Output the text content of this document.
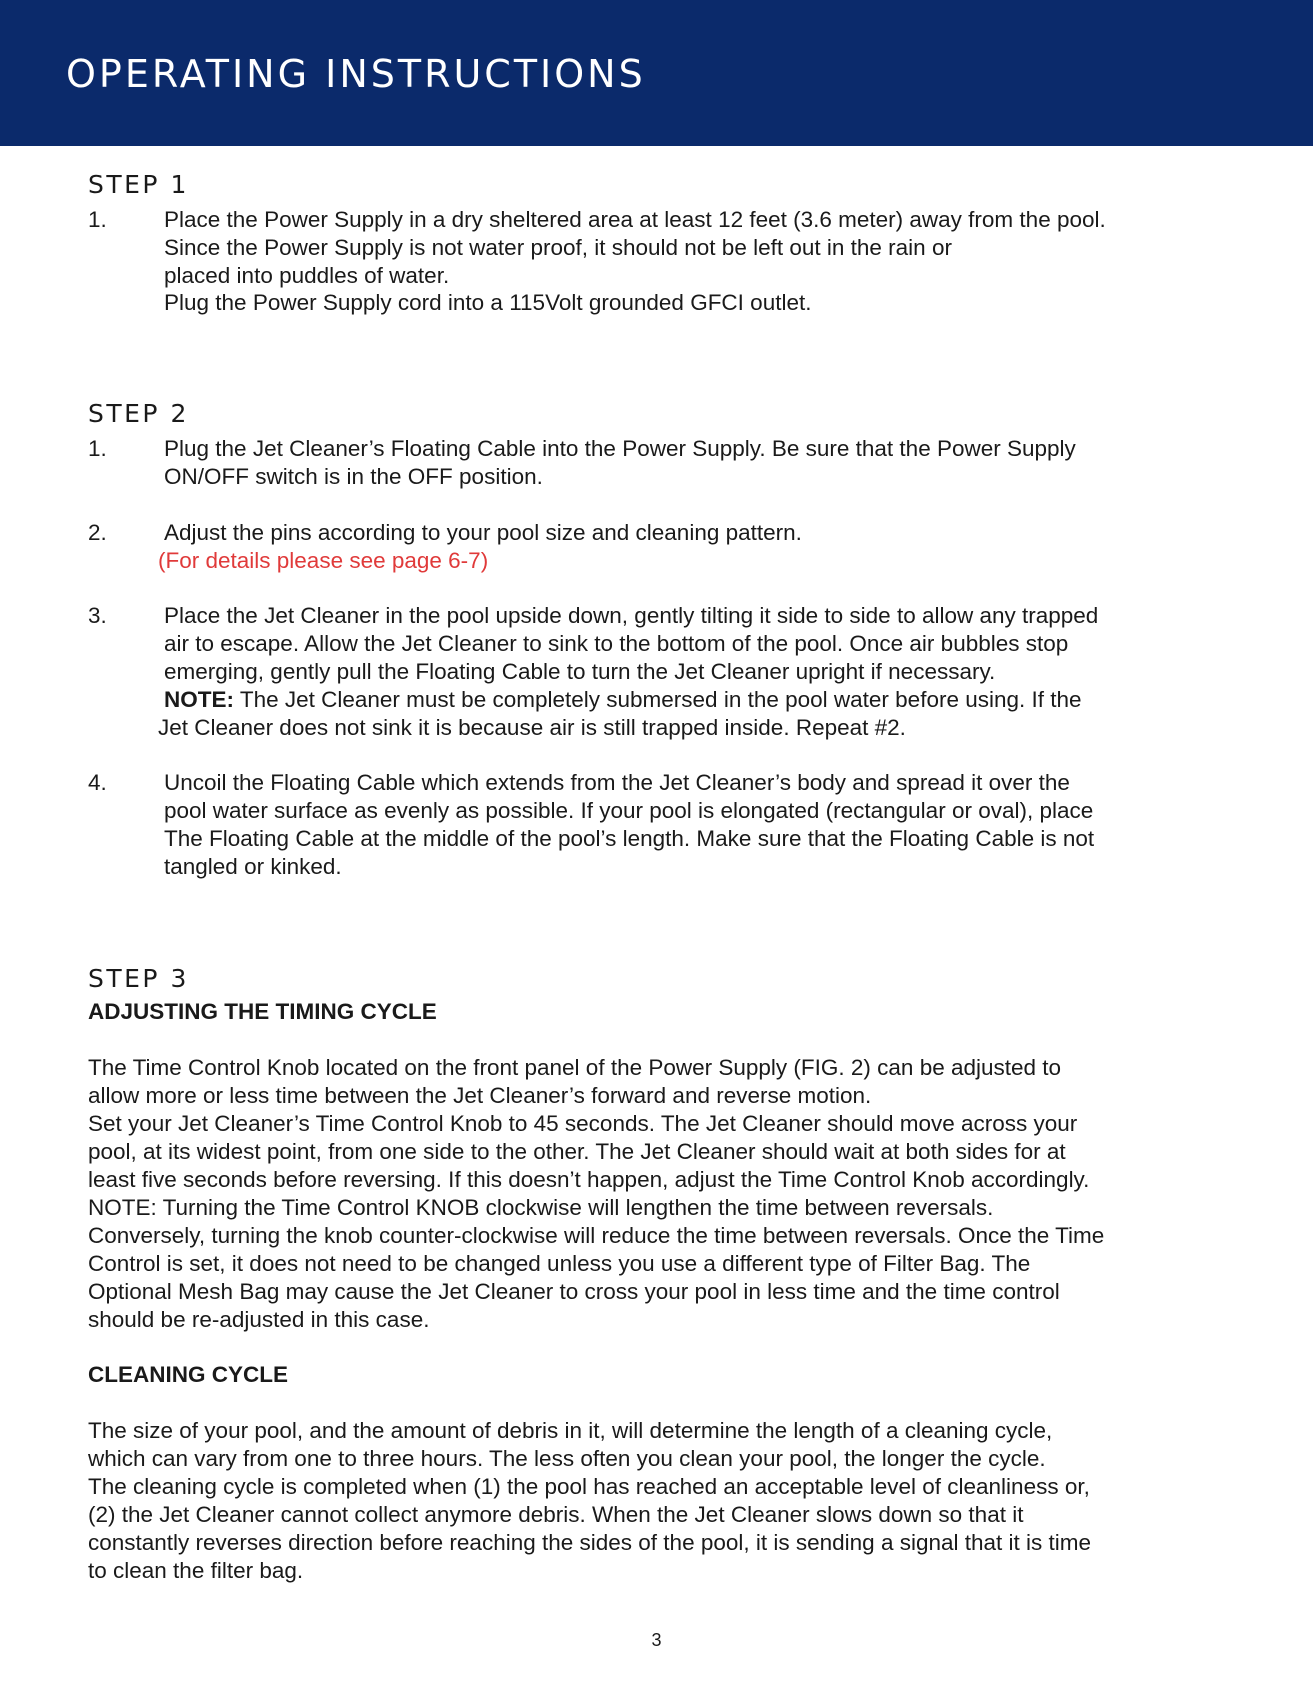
OPERATING INSTRUCTIONS
STEP 1
1.	Place the Power Supply in a dry sheltered area at least 12 feet (3.6 meter) away from the pool.
Since the Power Supply is not water proof, it should not be left out in the rain or
placed into puddles of water.
Plug the Power Supply cord into a 115Volt grounded GFCI outlet.
STEP 2
1.	Plug the Jet Cleaner’s Floating Cable into the Power Supply. Be sure that the Power Supply
ON/OFF switch is in the OFF position.
2.	Adjust the pins according to your pool size and cleaning pattern.
(For details please see page 6-7)
3.	Place the Jet Cleaner in the pool upside down, gently tilting it side to side to allow any trapped
air to escape. Allow the Jet Cleaner to sink to the bottom of the pool. Once air bubbles stop
emerging, gently pull the Floating Cable to turn the Jet Cleaner upright if necessary.
NOTE: The Jet Cleaner must be completely submersed in the pool water before using. If the
Jet Cleaner does not sink it is because air is still trapped inside. Repeat #2.
4.	Uncoil the Floating Cable which extends from the Jet Cleaner’s body and spread it over the
pool water surface as evenly as possible. If your pool is elongated (rectangular or oval), place
The Floating Cable at the middle of the pool’s length. Make sure that the Floating Cable is not
tangled or kinked.
STEP 3
ADJUSTING THE TIMING CYCLE
The Time Control Knob located on the front panel of the Power Supply (FIG. 2) can be adjusted to
allow more or less time between the Jet Cleaner’s forward and reverse motion.
Set your Jet Cleaner’s Time Control Knob to 45 seconds. The Jet Cleaner should move across your
pool, at its widest point, from one side to the other. The Jet Cleaner should wait at both sides for at
least five seconds before reversing. If this doesn’t happen, adjust the Time Control Knob accordingly.
NOTE: Turning the Time Control KNOB clockwise will lengthen the time between reversals.
Conversely, turning the knob counter-clockwise will reduce the time between reversals. Once the Time
Control is set, it does not need to be changed unless you use a different type of Filter Bag. The
Optional Mesh Bag may cause the Jet Cleaner to cross your pool in less time and the time control
should be re-adjusted in this case.
CLEANING CYCLE
The size of your pool, and the amount of debris in it, will determine the length of a cleaning cycle,
which can vary from one to three hours. The less often you clean your pool, the longer the cycle.
The cleaning cycle is completed when (1) the pool has reached an acceptable level of cleanliness or,
(2) the Jet Cleaner cannot collect anymore debris. When the Jet Cleaner slows down so that it
constantly reverses direction before reaching the sides of the pool, it is sending a signal that it is time
to clean the filter bag.
3
